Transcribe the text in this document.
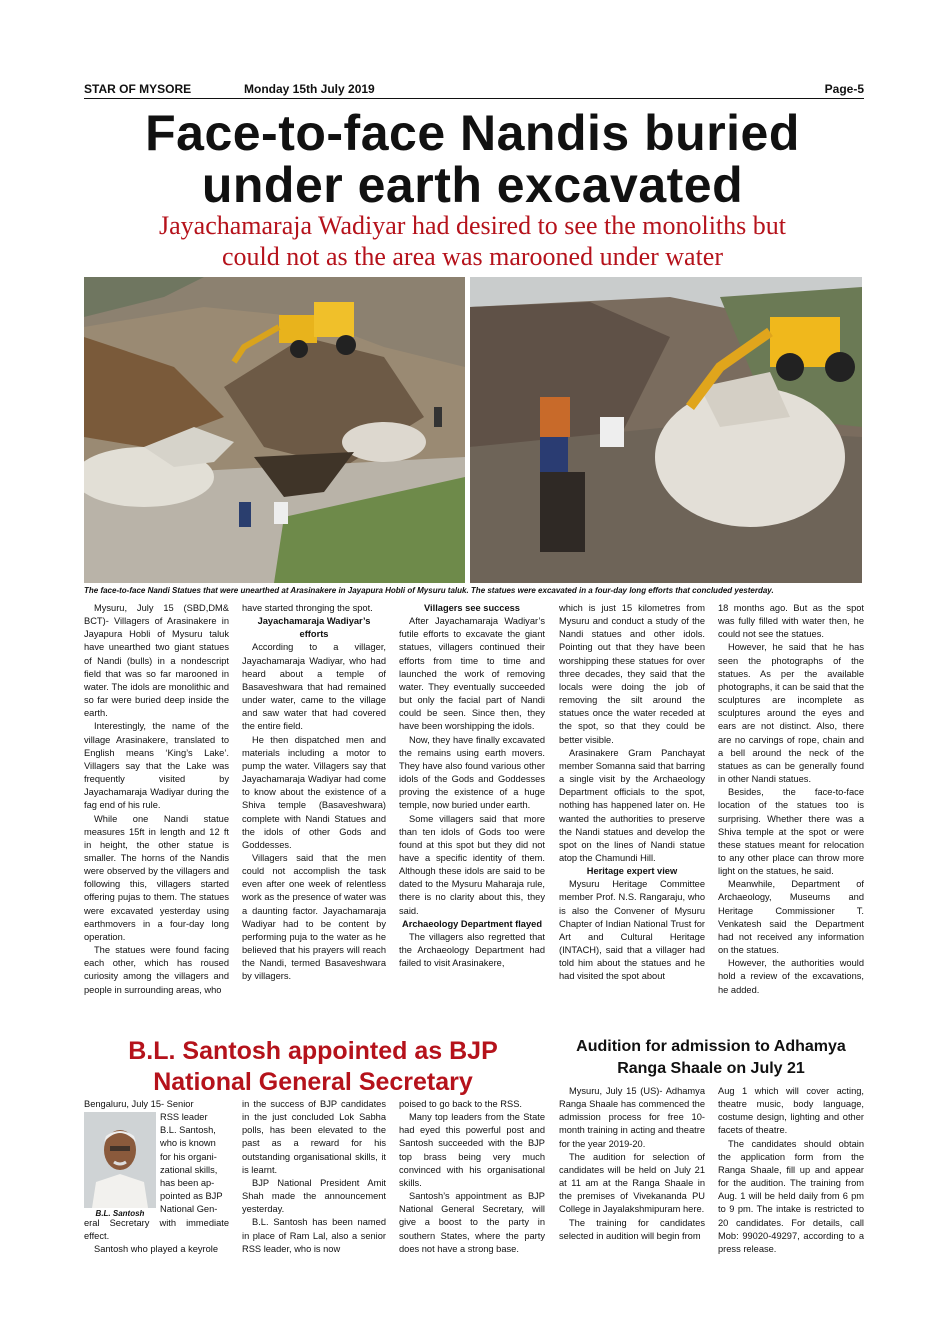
STAR OF MYSORE	Monday 15th July 2019	Page-5
Face-to-face Nandis buried
under earth excavated
Jayachamaraja Wadiyar had desired to see the monoliths but
could not as the area was marooned under water
The face-to-face Nandi Statues that were unearthed at Arasinakere in Jayapura Hobli of Mysuru taluk. The statues were excavated in a four-day long efforts that concluded yesterday.

Mysuru, July 15 (SBD,DM& BCT)- Villagers of Arasinakere in Jayapura Hobli of Mysuru taluk have unearthed two giant statues of Nandi (bulls) in a nondescript field that was so far marooned in water. The idols are monolithic and so far were buried deep inside the earth.

Interestingly, the name of the village Arasinakere, translated to English means ‘King’s Lake’. Villagers say that the Lake was frequently visited by Jayachamaraja Wadiyar during the fag end of his rule.

While one Nandi statue measures 15ft in length and 12 ft in height, the other statue is smaller. The horns of the Nandis were observed by the villagers and following this, villagers started offering pujas to them. The statues were excavated yesterday using earthmovers in a four-day long operation.

The statues were found facing each other, which has roused curiosity among the villagers and people in surrounding areas, who

have started thronging the spot.

Jayachamaraja Wadiyar’s efforts

According to a villager, Jayachamaraja Wadiyar, who had heard about a temple of Basaveshwara that had remained under water, came to the village and saw water that had covered the entire field.

He then dispatched men and materials including a motor to pump the water. Villagers say that Jayachamaraja Wadiyar had come to know about the existence of a Shiva temple (Basaveshwara) complete with Nandi Statues and the idols of other Gods and Goddesses.

Villagers said that the men could not accomplish the task even after one week of relentless work as the presence of water was a daunting factor. Jayachamaraja Wadiyar had to be content by performing puja to the water as he believed that his prayers will reach the Nandi, termed Basaveshwara by villagers.

Villagers see success

After Jayachamaraja Wadiyar’s futile efforts to excavate the giant statues, villagers continued their efforts from time to time and launched the work of removing water. They eventually succeeded but only the facial part of Nandi could be seen. Since then, they have been worshipping the idols.

Now, they have finally excavated the remains using earth movers. They have also found various other idols of the Gods and Goddesses proving the existence of a huge temple, now buried under earth.

Some villagers said that more than ten idols of Gods too were found at this spot but they did not have a specific identity of them. Although these idols are said to be dated to the Mysuru Maharaja rule, there is no clarity about this, they said.

Archaeology Department flayed

The villagers also regretted that the Archaeology Department had failed to visit Arasinakere,

which is just 15 kilometres from Mysuru and conduct a study of the Nandi statues and other idols. Pointing out that they have been worshipping these statues for over three decades, they said that the locals were doing the job of removing the silt around the statues once the water receded at the spot, so that they could be better visible.

Arasinakere Gram Panchayat member Somanna said that barring a single visit by the Archaeology Department officials to the spot, nothing has happened later on. He wanted the authorities to preserve the Nandi statues and develop the spot on the lines of Nandi statue atop the Chamundi Hill.

Heritage expert view

Mysuru Heritage Committee member Prof. N.S. Rangaraju, who is also the Convener of Mysuru Chapter of Indian National Trust for Art and Cultural Heritage (INTACH), said that a villager had told him about the statues and he had visited the spot about

18 months ago. But as the spot was fully filled with water then, he could not see the statues.

However, he said that he has seen the photographs of the statues. As per the available photographs, it can be said that the sculptures are incomplete as sculptures around the eyes and ears are not distinct. Also, there are no carvings of rope, chain and a bell around the neck of the statues as can be generally found in other Nandi statues.

Besides, the face-to-face location of the statues too is surprising. Whether there was a Shiva temple at the spot or were these statues meant for relocation to any other place can throw more light on the statues, he said.

Meanwhile, Department of Archaeology, Museums and Heritage Commissioner T. Venkatesh said the Department had not received any information on the statues.

However, the authorities would hold a review of the excavations, he added.

B.L. Santosh appointed as BJP
National General Secretary
B.L. Santosh
Bengaluru, July 15- Senior
RSS leader
B.L. Santosh,
who is known
for his organi-
zational skills,
has been ap-
pointed as BJP
National Gen-

eral Secretary with immediate effect.

Santosh who played a keyrole

in the success of BJP candidates in the just concluded Lok Sabha polls, has been elevated to the past as a reward for his outstanding organisational skills, it is learnt.

BJP National President Amit Shah made the announcement yesterday.

B.L. Santosh has been named in place of Ram Lal, also a senior RSS leader, who is now

poised to go back to the RSS.

Many top leaders from the State had eyed this powerful post and Santosh succeeded with the BJP top brass being very much convinced with his organisational skills.

Santosh’s appointment as BJP National General Secretary, will give a boost to the party in southern States, where the party does not have a strong base.

Audition for admission to Adhamya
Ranga Shaale on July 21

Mysuru, July 15 (US)- Adhamya Ranga Shaale has commenced the admission process for free 10-month training in acting and theatre for the year 2019-20.

The audition for selection of candidates will be held on July 21 at 11 am at the Ranga Shaale in the premises of Vivekananda PU College in Jayalakshmipuram here.

The training for candidates selected in audition will begin from

Aug 1 which will cover acting, theatre music, body language, costume design, lighting and other facets of theatre.

The candidates should obtain the application form from the Ranga Shaale, fill up and appear for the audition. The training from Aug. 1 will be held daily from 6 pm to 9 pm. The intake is restricted to 20 candidates. For details, call Mob: 99020-49297, according to a press release.
